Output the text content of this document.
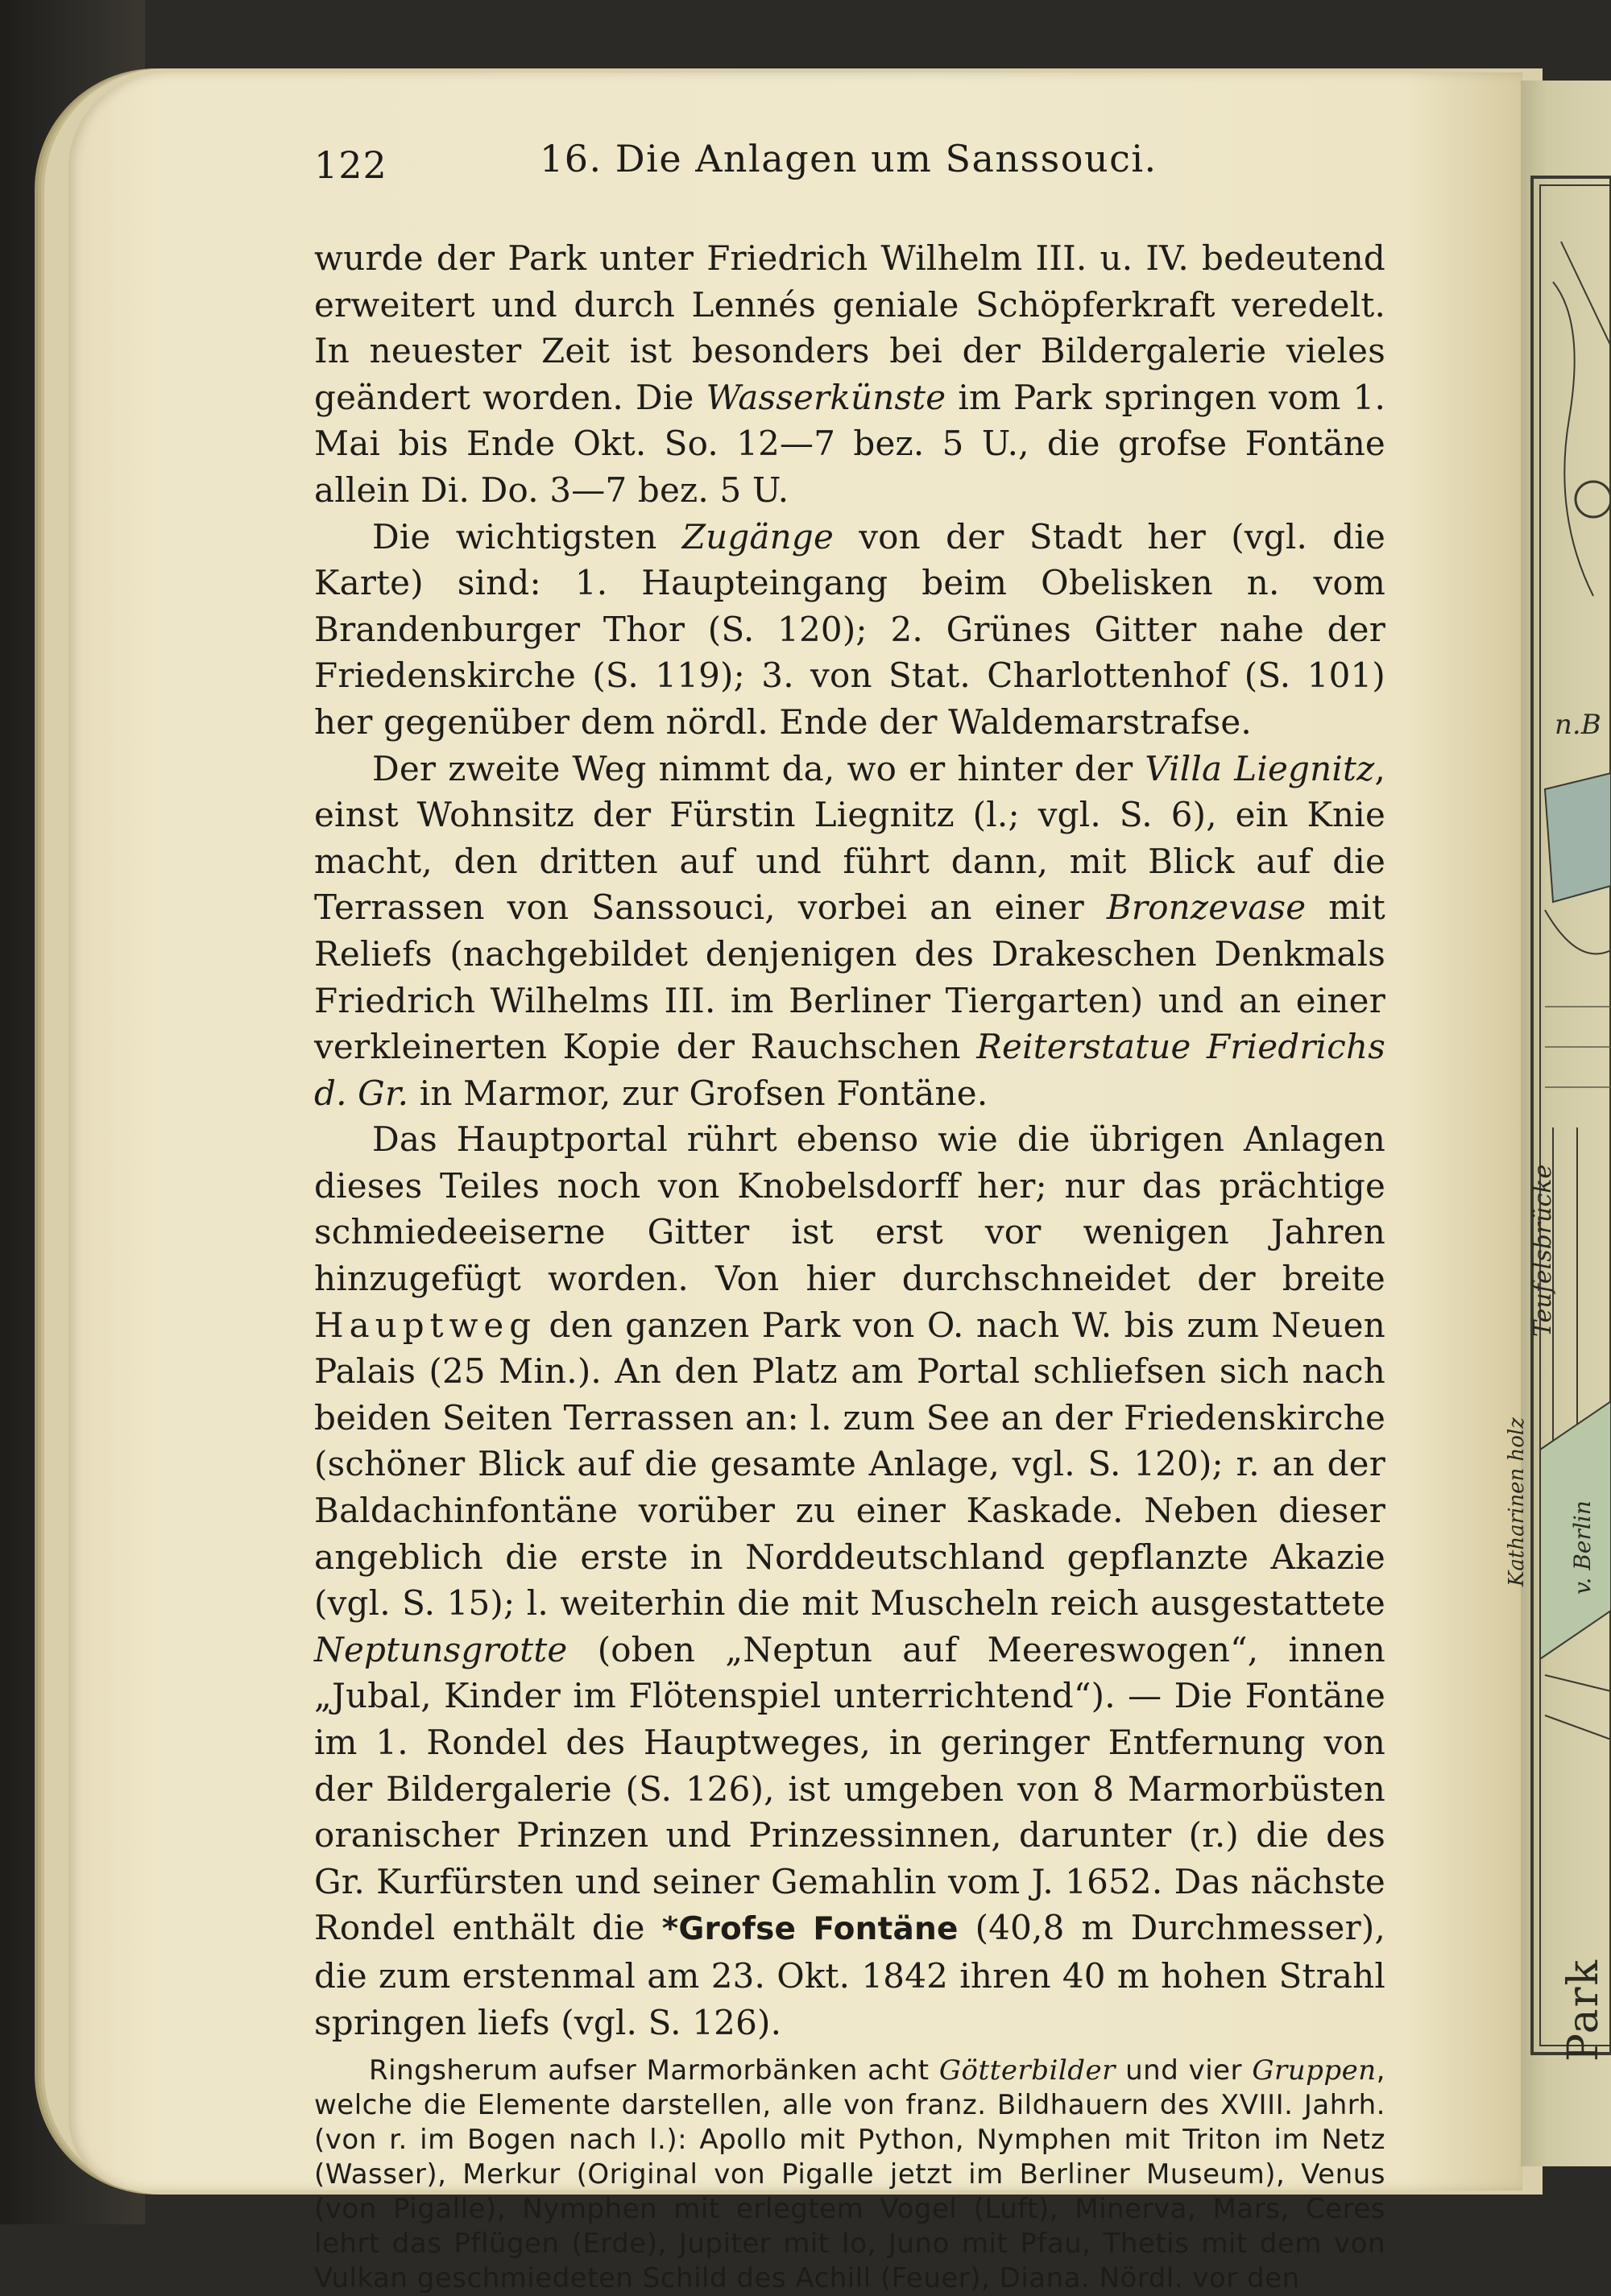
n.B
Teufelsbrücke
Katharinen holz v. Berlin
Park
122	16. Die Anlagen um Sanssouci.

wurde der Park unter Friedrich Wilhelm III. u. IV. bedeutend erweitert und durch Lennés geniale Schöpferkraft veredelt. In neuester Zeit ist besonders bei der Bildergalerie vieles geändert worden. Die Wasserkünste im Park springen vom 1. Mai bis Ende Okt. So. 12—7 bez. 5 U., die grofse Fontäne allein Di. Do. 3—7 bez. 5 U.

Die wichtigsten Zugänge von der Stadt her (vgl. die Karte) sind: 1. Haupteingang beim Obelisken n. vom Brandenburger Thor (S. 120); 2. Grünes Gitter nahe der Friedenskirche (S. 119); 3. von Stat. Charlottenhof (S. 101) her gegenüber dem nördl. Ende der Waldemarstrafse.

Der zweite Weg nimmt da, wo er hinter der Villa Liegnitz, einst Wohnsitz der Fürstin Liegnitz (l.; vgl. S. 6), ein Knie macht, den dritten auf und führt dann, mit Blick auf die Terrassen von Sanssouci, vorbei an einer Bronzevase mit Reliefs (nachgebildet denjenigen des Drakeschen Denkmals Friedrich Wilhelms III. im Berliner Tiergarten) und an einer verkleinerten Kopie der Rauchschen Reiterstatue Friedrichs d. Gr. in Marmor, zur Grofsen Fontäne.

Das Hauptportal rührt ebenso wie die übrigen Anlagen dieses Teiles noch von Knobelsdorff her; nur das prächtige schmiedeeiserne Gitter ist erst vor wenigen Jahren hinzugefügt worden. Von hier durchschneidet der breite Hauptweg den ganzen Park von O. nach W. bis zum Neuen Palais (25 Min.). An den Platz am Portal schliefsen sich nach beiden Seiten Terrassen an: l. zum See an der Friedenskirche (schöner Blick auf die gesamte Anlage, vgl. S. 120); r. an der Baldachinfontäne vorüber zu einer Kaskade. Neben dieser angeblich die erste in Norddeutschland gepflanzte Akazie (vgl. S. 15); l. weiterhin die mit Muscheln reich ausgestattete Neptunsgrotte (oben „Neptun auf Meereswogen“, innen „Jubal, Kinder im Flötenspiel unterrichtend“). — Die Fontäne im 1. Rondel des Hauptweges, in geringer Entfernung von der Bildergalerie (S. 126), ist umgeben von 8 Marmorbüsten oranischer Prinzen und Prinzessinnen, darunter (r.) die des Gr. Kurfürsten und seiner Gemahlin vom J. 1652. Das nächste Rondel enthält die *Grofse Fontäne (40,8 m Durchmesser), die zum erstenmal am 23. Okt. 1842 ihren 40 m hohen Strahl springen liefs (vgl. S. 126).

Ringsherum aufser Marmorbänken acht Götterbilder und vier Gruppen, welche die Elemente darstellen, alle von franz. Bildhauern des XVIII. Jahrh. (von r. im Bogen nach l.): Apollo mit Python, Nymphen mit Triton im Netz (Wasser), Merkur (Original von Pigalle jetzt im Berliner Museum), Venus (von Pigalle), Nymphen mit erlegtem Vogel (Luft), Minerva, Mars, Ceres lehrt das Pflügen (Erde), Jupiter mit Io, Juno mit Pfau, Thetis mit dem von Vulkan geschmiedeten Schild des Achill (Feuer), Diana. Nördl. vor den
